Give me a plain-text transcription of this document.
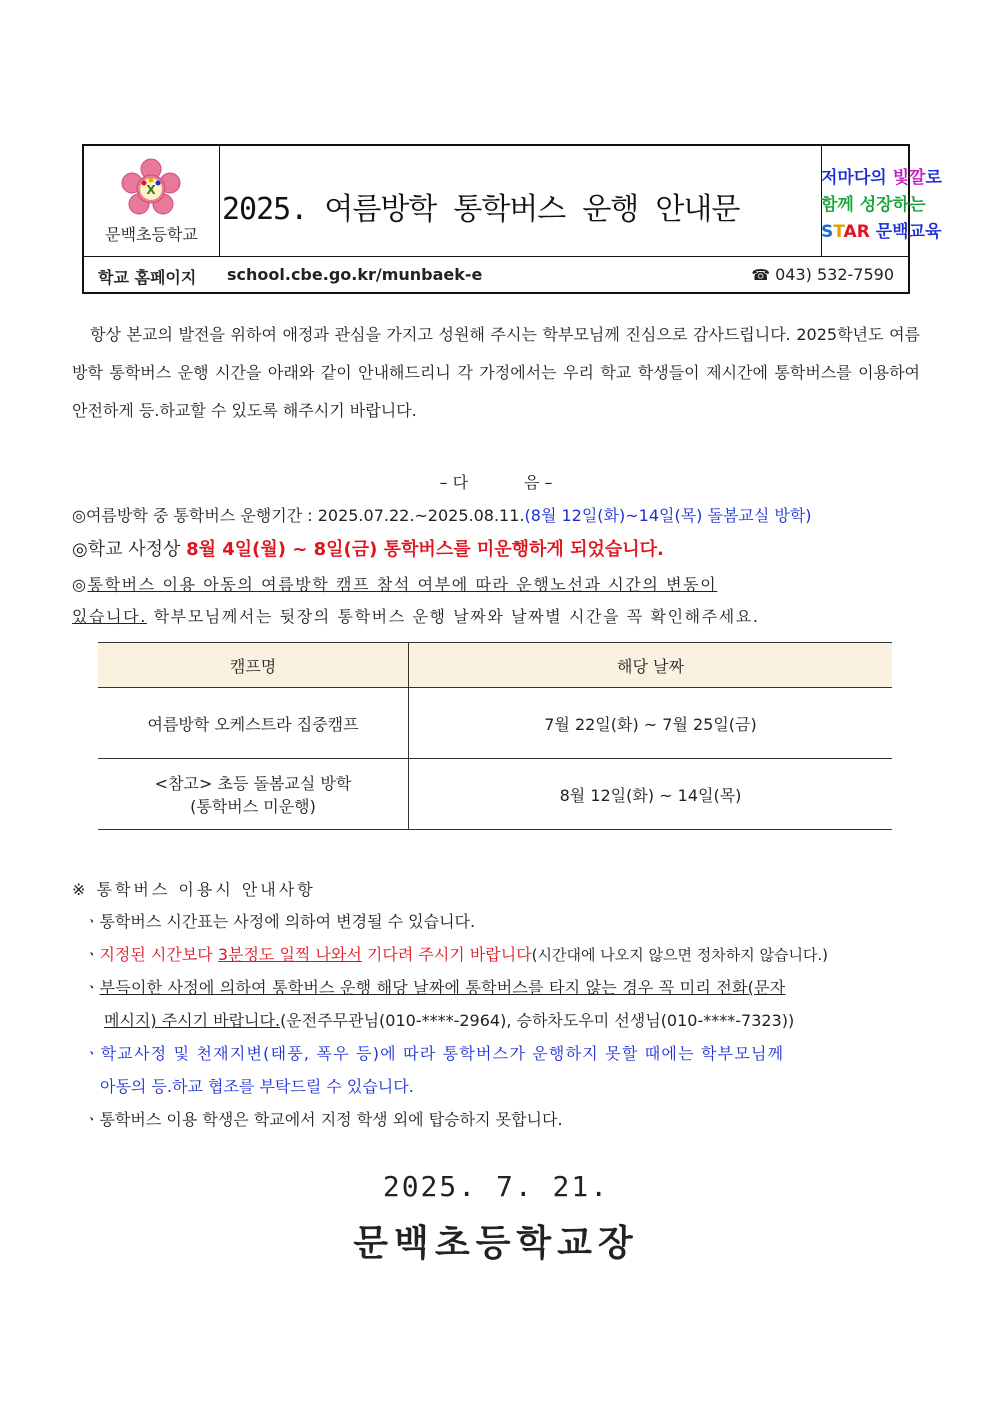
X
문백초등학교
2025. 여름방학 통학버스 운행 안내문
저마다의 빛깔로
함께 성장하는
STAR 문백교육
학교 홈페이지 school.cbe.go.kr/munbaek-e	☎ 043) 532-7590
항상 본교의 발전을 위하여 애정과 관심을 가지고 성원해 주시는 학부모님께 진심으로 감사드립니다. 2025학년도 여름방학 통학버스 운행 시간을 아래와 같이 안내해드리니 각 가정에서는 우리 학교 학생들이 제시간에 통학버스를 이용하여 안전하게 등.하교할 수 있도록 해주시기 바랍니다.
– 다           음 –
◎여름방학 중 통학버스 운행기간 : 2025.07.22.~2025.08.11.(8월 12일(화)~14일(목) 돌봄교실 방학)
◎학교 사정상 8월 4일(월) ~ 8일(금) 통학버스를 미운행하게 되었습니다.
◎통학버스 이용 아동의 여름방학 캠프 참석 여부에 따라 운행노선과 시간의 변동이
있습니다. 학부모님께서는 뒷장의 통학버스 운행 날짜와 날짜별 시간을 꼭 확인해주세요.
캠프명	해당 날짜

여름방학 오케스트라 집중캠프	7월 22일(화) ~ 7월 25일(금)

<참고> 초등 돌봄교실 방학
(통학버스 미운행)	8월 12일(화) ~ 14일(목)
※ 통학버스 이용시 안내사항
ㆍ통학버스 시간표는 사정에 의하여 변경될 수 있습니다.
ㆍ지정된 시간보다 3분정도 일찍 나와서 기다려 주시기 바랍니다(시간대에 나오지 않으면 정차하지 않습니다.)
ㆍ부득이한 사정에 의하여 통학버스 운행 해당 날짜에 통학버스를 타지 않는 경우 꼭 미리 전화(문자
메시지) 주시기 바랍니다.(운전주무관님(010-****-2964), 승하차도우미 선생님(010-****-7323))
ㆍ학교사정 및 천재지변(태풍, 폭우 등)에 따라 통학버스가 운행하지 못할 때에는 학부모님께
아동의 등.하교 협조를 부탁드릴 수 있습니다.
ㆍ통학버스 이용 학생은 학교에서 지정 학생 외에 탑승하지 못합니다.
2025. 7. 21.
문백초등학교장
